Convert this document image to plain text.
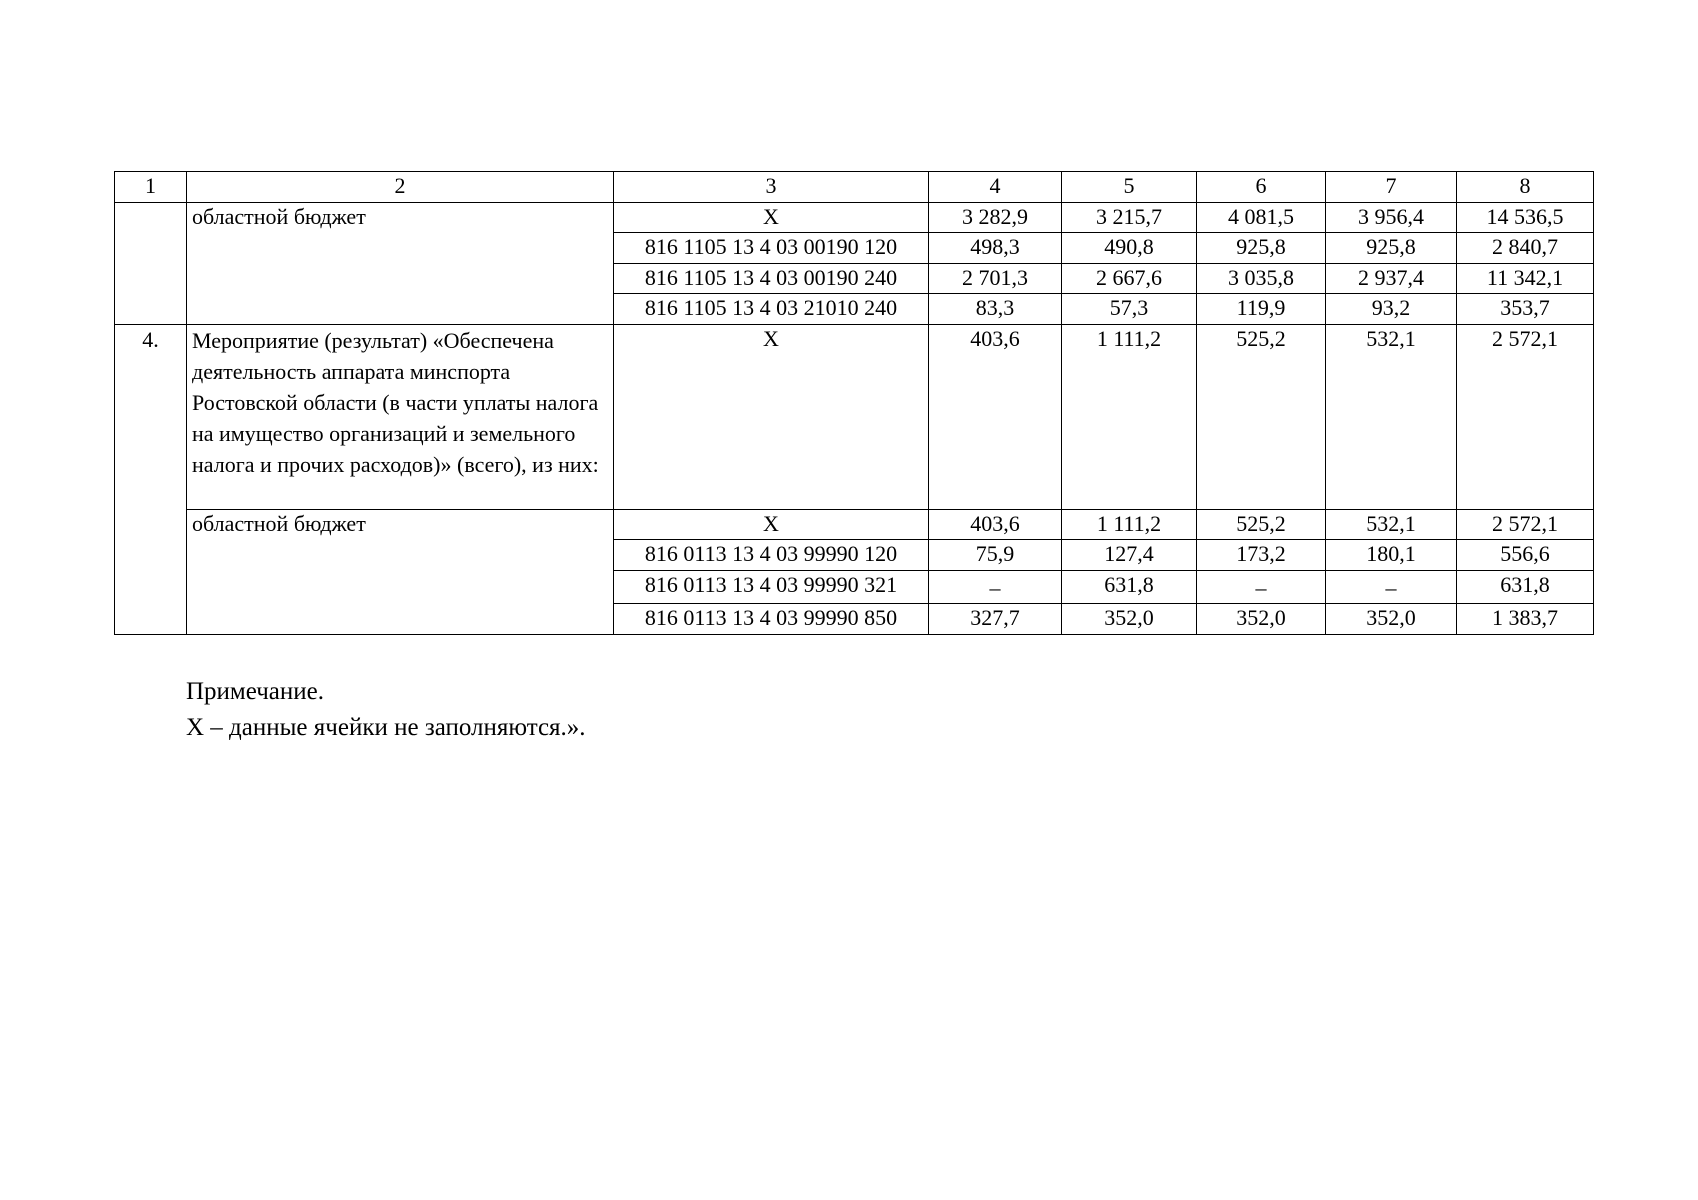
1	2	3	4	5	6	7	8
	областной бюджет	X	3 282,9	3 215,7	4 081,5	3 956,4	14 536,5
		816 1105 13 4 03 00190 120	498,3	490,8	925,8	925,8	2 840,7
		816 1105 13 4 03 00190 240	2 701,3	2 667,6	3 035,8	2 937,4	11 342,1
		816 1105 13 4 03 21010 240	83,3	57,3	119,9	93,2	353,7
4.	Мероприятие (результат) «Обеспечена деятельность аппарата минспорта Ростовской области (в части уплаты налога на имущество организаций и земельного налога и прочих расходов)» (всего), из них:	X	403,6	1 111,2	525,2	532,1	2 572,1
	областной бюджет	X	403,6	1 111,2	525,2	532,1	2 572,1
		816 0113 13 4 03 99990 120	75,9	127,4	173,2	180,1	556,6
		816 0113 13 4 03 99990 321	–	631,8	–	–	631,8
		816 0113 13 4 03 99990 850	327,7	352,0	352,0	352,0	1 383,7
Примечание.
Х – данные ячейки не заполняются.».
